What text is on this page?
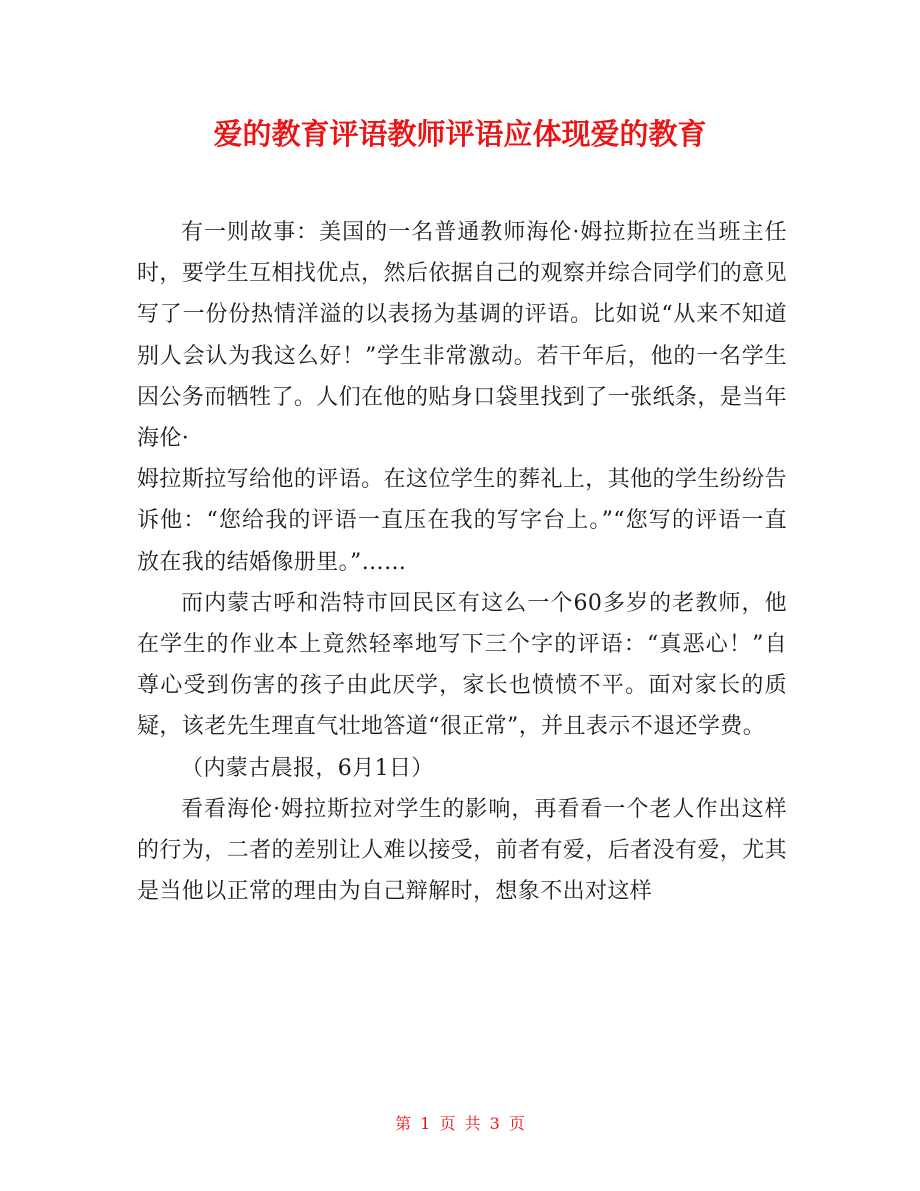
爱的教育评语教师评语应体现爱的教育

有一则故事：美国的一名普通教师海伦·姆拉斯拉在当班主任时，要学生互相找优点，然后依据自己的观察并综合同学们的意见写了一份份热情洋溢的以表扬为基调的评语。比如说“从来不知道别人会认为我这么好！”学生非常激动。若干年后，他的一名学生因公务而牺牲了。人们在他的贴身口袋里找到了一张纸条，是当年海伦·

姆拉斯拉写给他的评语。在这位学生的葬礼上，其他的学生纷纷告诉他：“您给我的评语一直压在我的写字台上。”“您写的评语一直放在我的结婚像册里。”……

而内蒙古呼和浩特市回民区有这么一个60多岁的老教师，他在学生的作业本上竟然轻率地写下三个字的评语：“真恶心！”自尊心受到伤害的孩子由此厌学，家长也愤愤不平。面对家长的质疑，该老先生理直气壮地答道“很正常”，并且表示不退还学费。

（内蒙古晨报，6月1日）

看看海伦·姆拉斯拉对学生的影响，再看看一个老人作出这样的行为，二者的差别让人难以接受，前者有爱，后者没有爱，尤其是当他以正常的理由为自己辩解时，想象不出对这样

第 1 页 共 3 页
